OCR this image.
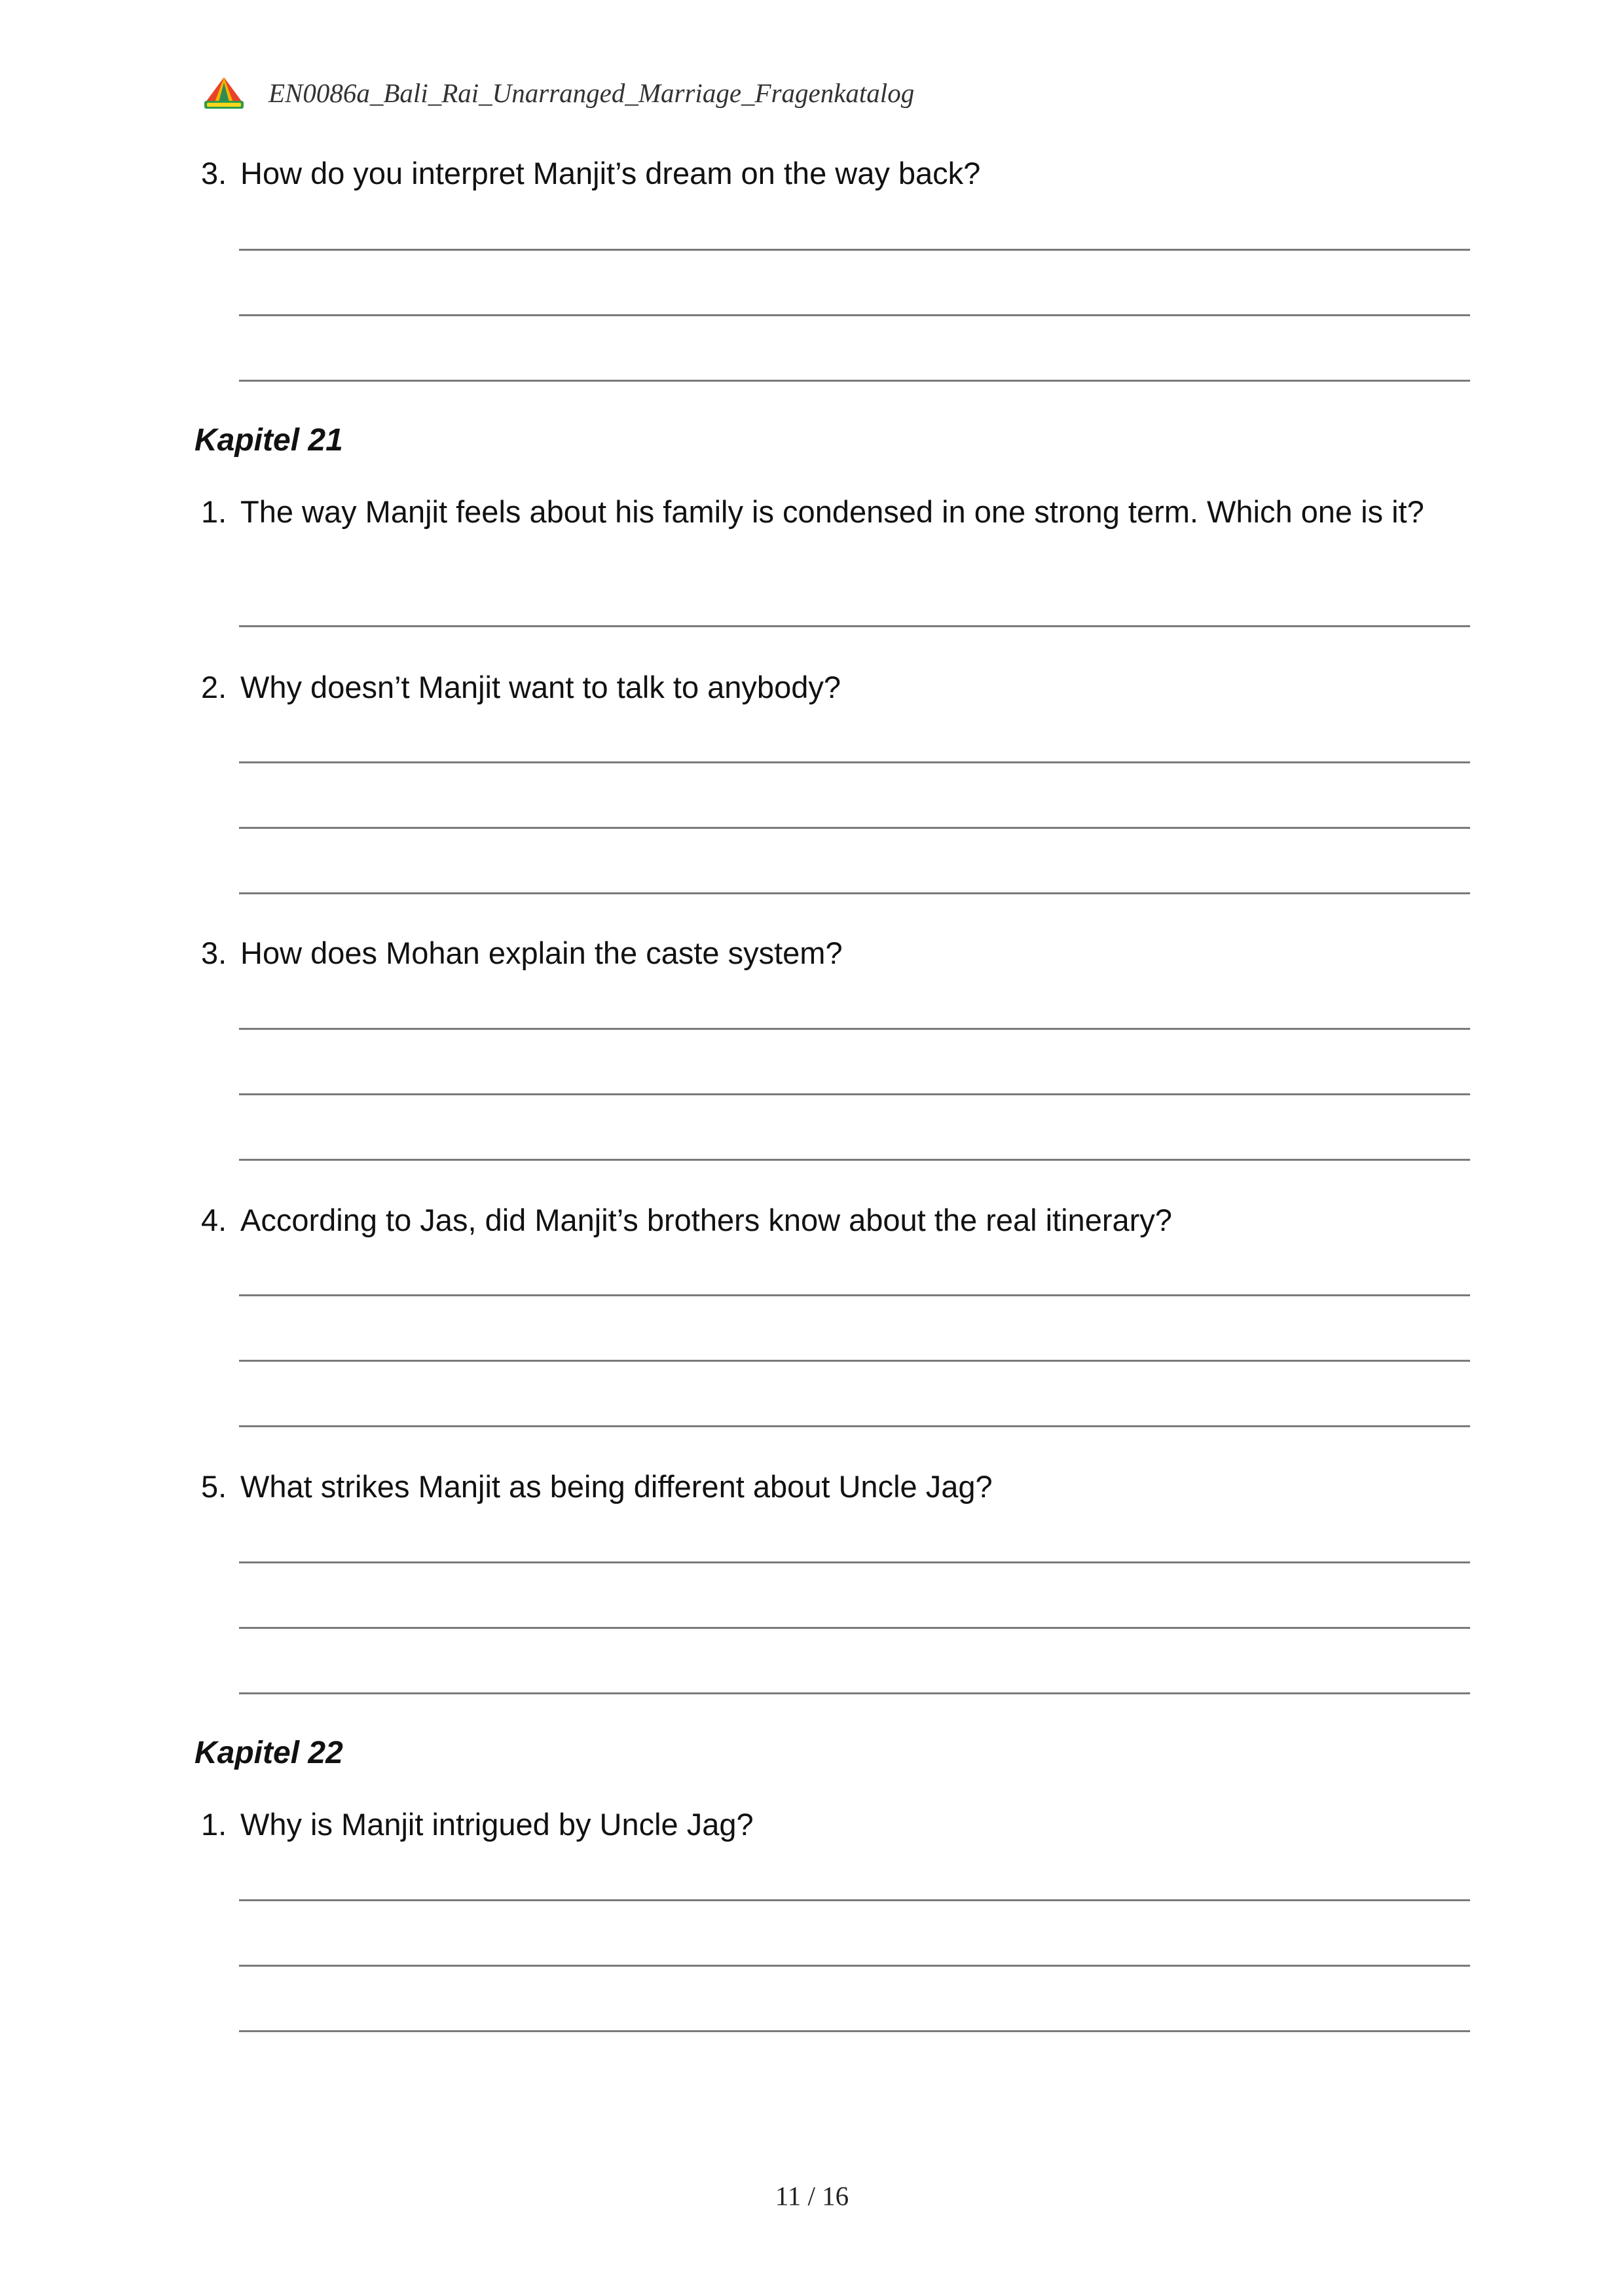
EN0086a_Bali_Rai_Unarranged_Marriage_Fragenkatalog
3. How do you interpret Manjit’s dream on the way back?
Kapitel 21
1. The way Manjit feels about his family is condensed in one strong term. Which one is it?
2. Why doesn’t Manjit want to talk to anybody?
3. How does Mohan explain the caste system?
4. According to Jas, did Manjit’s brothers know about the real itinerary?
5. What strikes Manjit as being different about Uncle Jag?
Kapitel 22
1. Why is Manjit intrigued by Uncle Jag?
11 / 16
